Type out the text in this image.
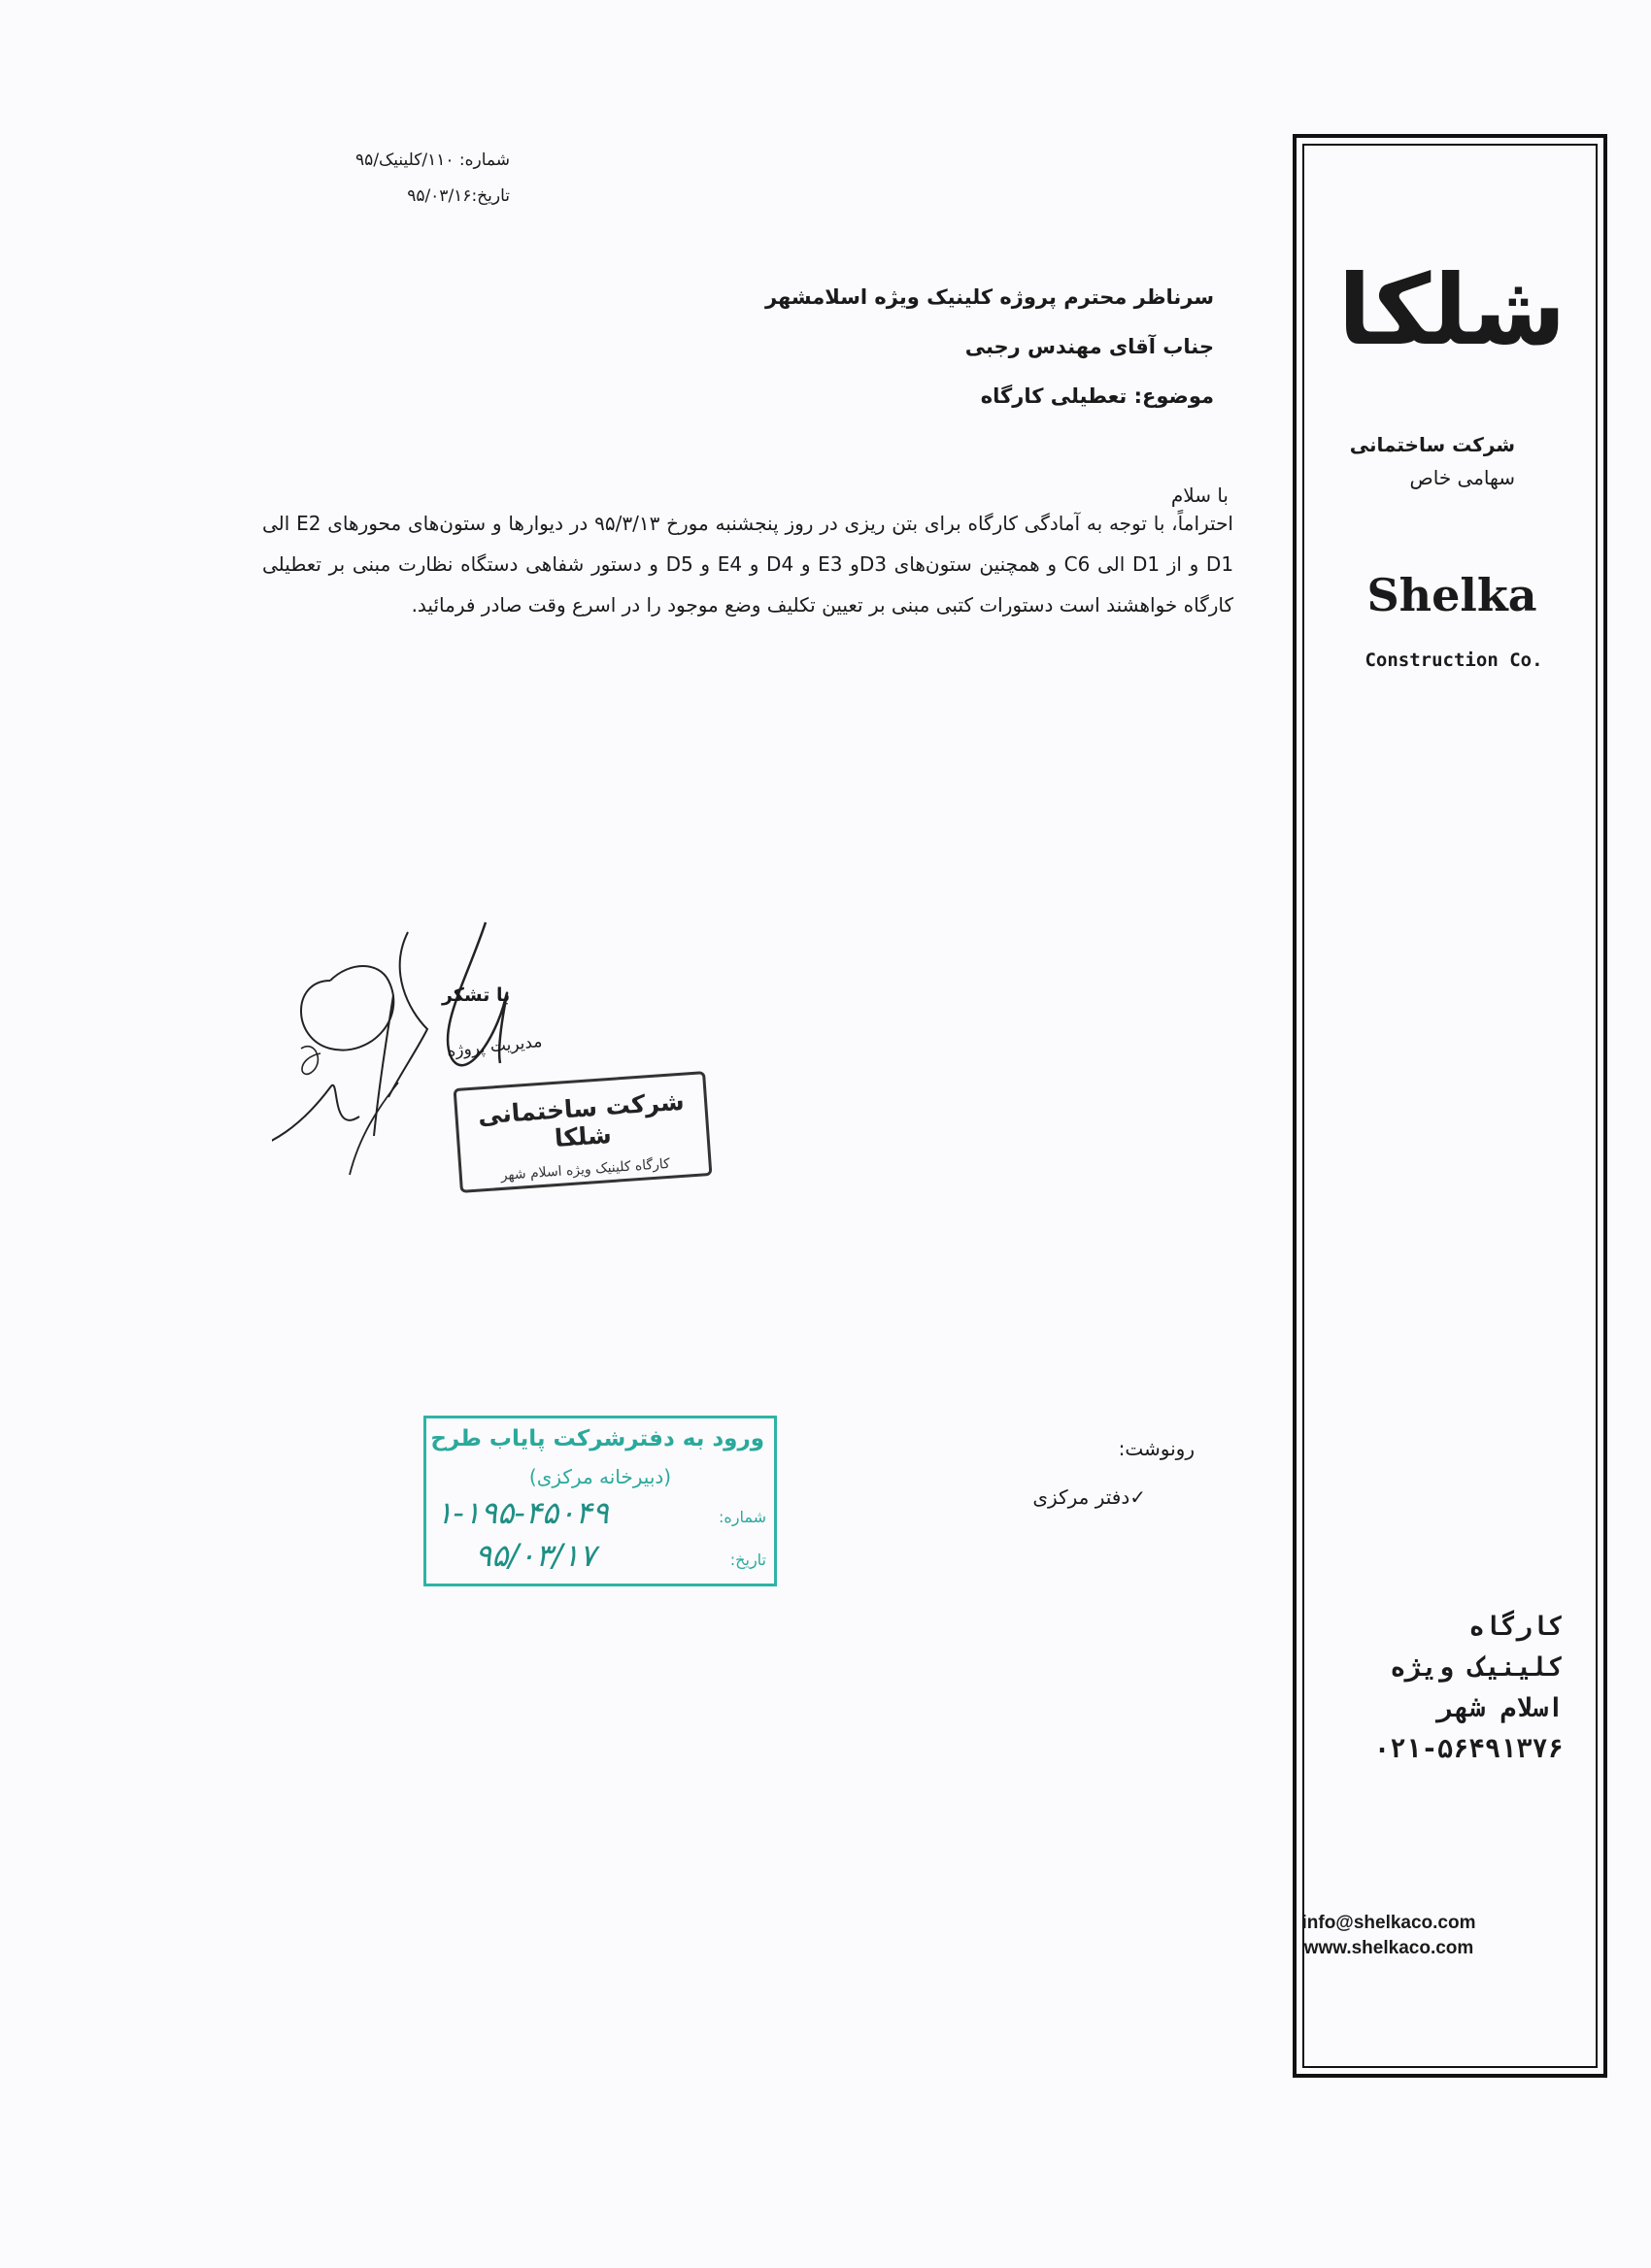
شماره: ۱۱۰/کلینیک/۹۵
تاریخ:۹۵/۰۳/۱۶
سرناظر محترم پروژه کلینیک ویژه اسلامشهر
جناب آقای مهندس رجبی
موضوع: تعطیلی کارگاه
با سلام
احتراماً، با توجه به آمادگی کارگاه برای بتن ریزی در روز پنجشنبه مورخ ۹۵/۳/۱۳ در دیوارها و ستون‌های محورهای E2 الی D1 و از D1 الی C6 و همچنین ستون‌های D3و E3 و D4 و E4 و D5 و دستور شفاهی دستگاه نظارت مبنی بر تعطیلی کارگاه خواهشند است دستورات کتبی مبنی بر تعیین تکلیف وضع موجود را در اسرع وقت صادر فرمائید.
با تشکر
مدیریت پروژه
شرکت ساختمانی شلکا
کارگاه کلینیک ویژه اسلام شهر
رونوشت:
✓دفتر مرکزی
ورود به دفترشرکت پایاب طرح
(دبیرخانه مرکزی)
شماره:
۱-۱۹۵-۴۵۰۴۹
تاریخ:
۹۵/۰۳/۱۷
شلکا
شرکت ساختمانی
سهامی خاص
Shelka
Construction Co.
کارگاه
کلینیک ویژه
اسلام شهر
۰۲۱-۵۶۴۹۱۳۷۶
info@shelkaco.com
www.shelkaco.com
